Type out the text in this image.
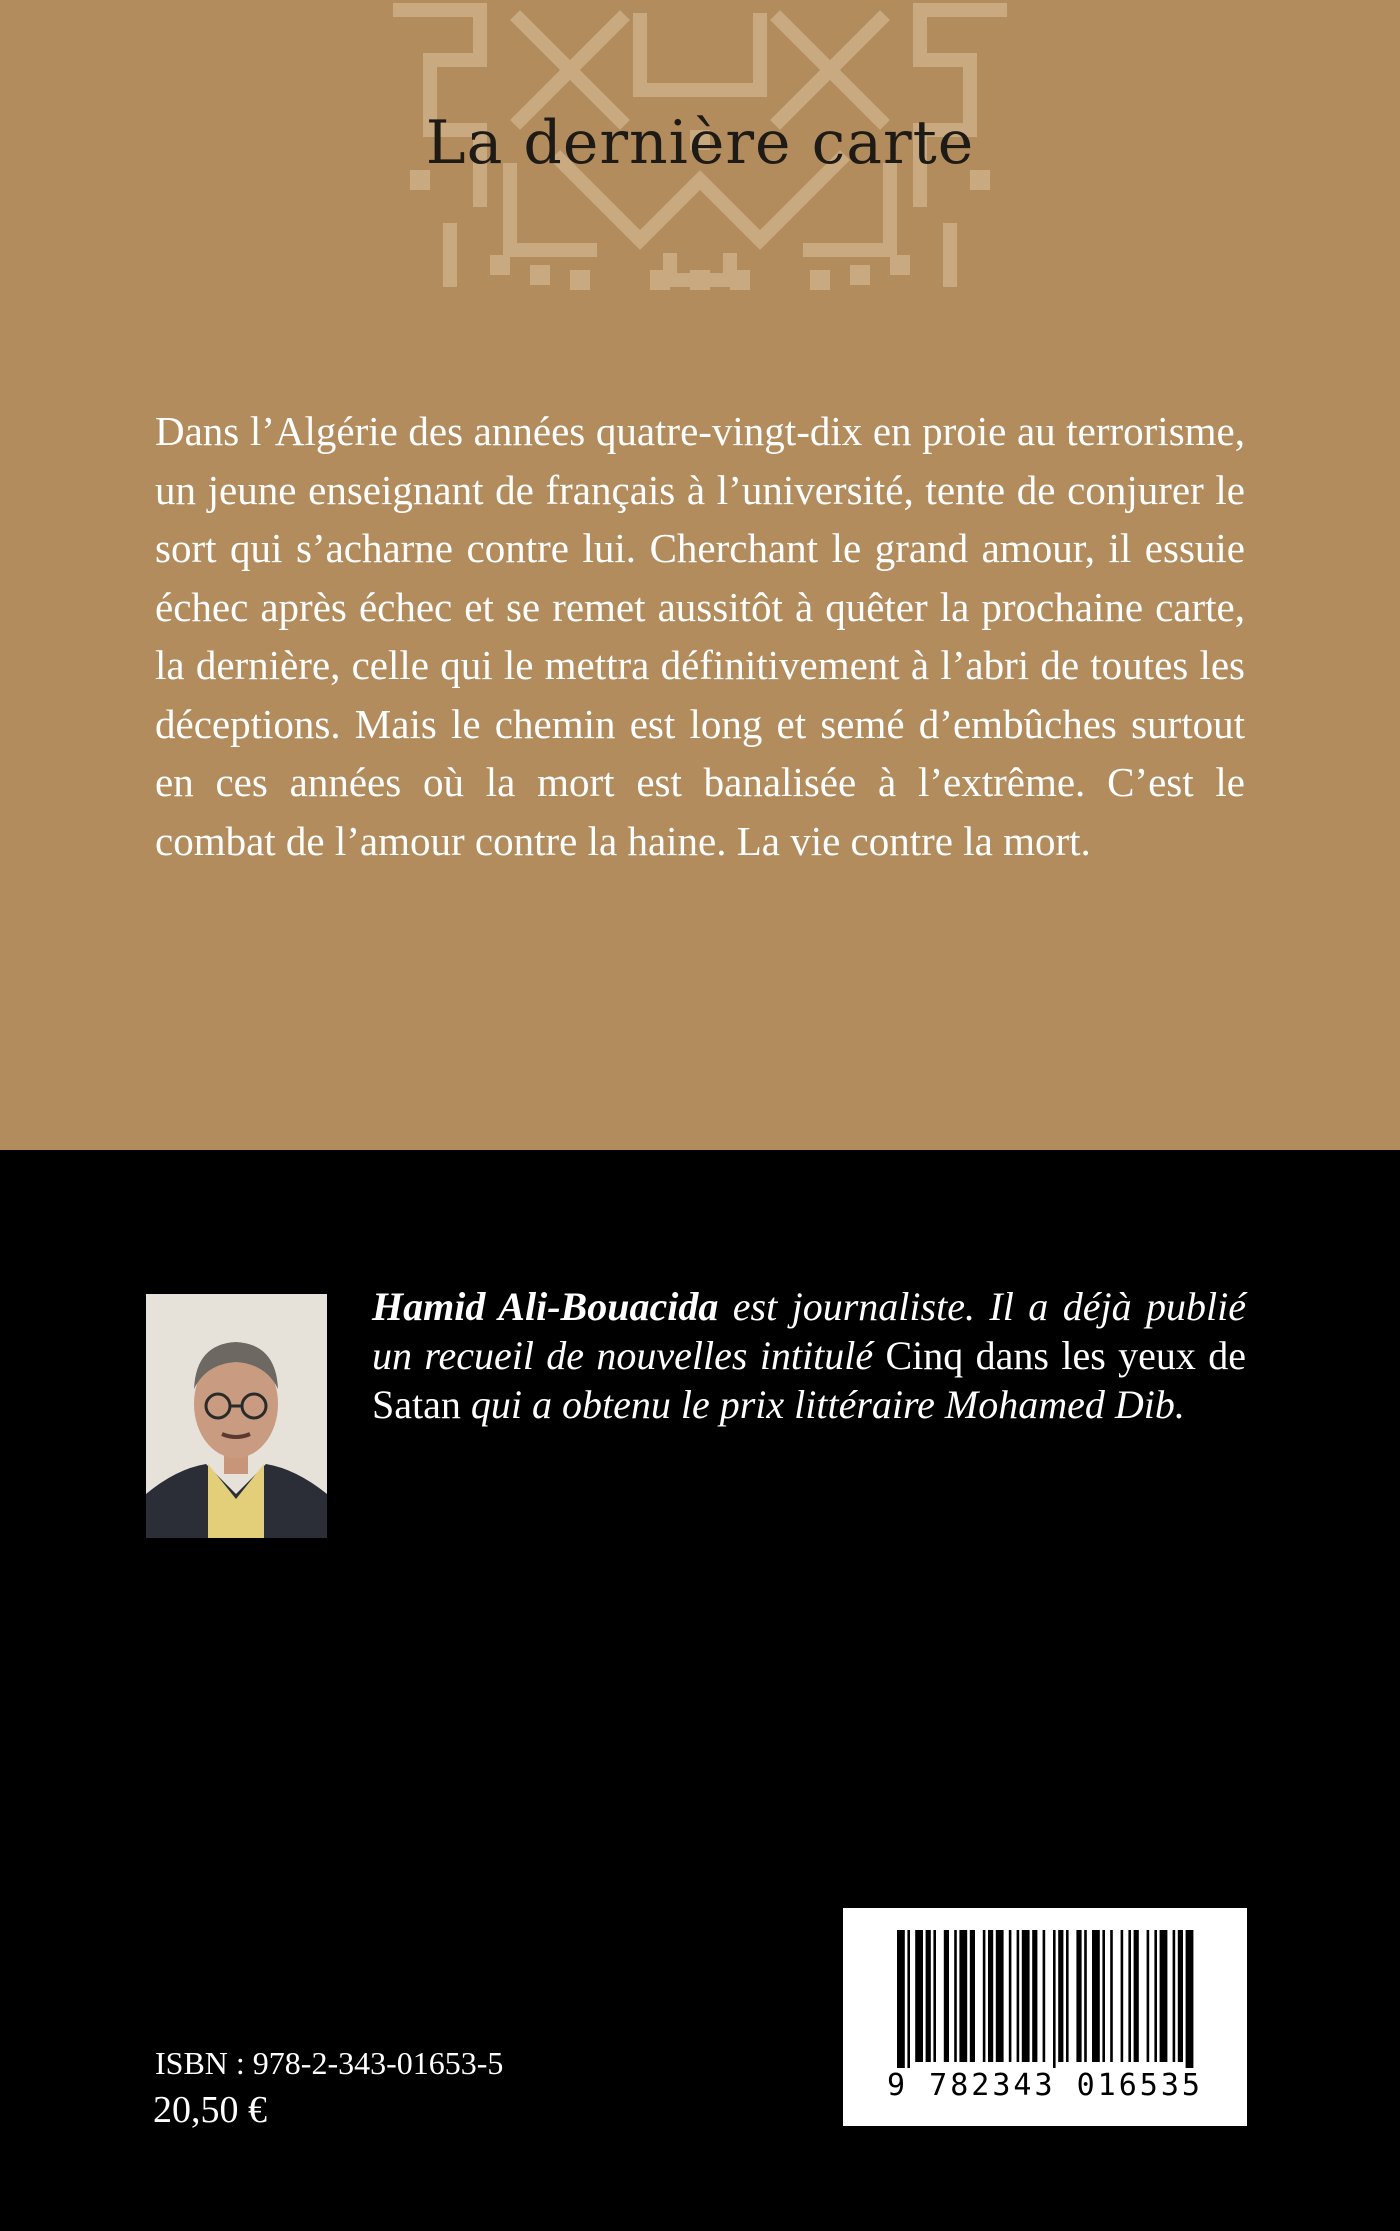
La dernière carte

Dans l’Algérie des années quatre-vingt-dix en proie au terrorisme, un jeune enseignant de français à l’université, tente de conjurer le sort qui s’acharne contre lui. Cherchant le grand amour, il essuie échec après échec et se remet aussitôt à quêter la prochaine carte, la dernière, celle qui le mettra définitivement à l’abri de toutes les déceptions. Mais le chemin est long et semé d’embûches surtout en ces années où la mort est banalisée à l’extrême. C’est le combat de l’amour contre la haine. La vie contre la mort.

Hamid Ali-Bouacida est journaliste. Il a déjà publié un recueil de nouvelles intitulé Cinq dans les yeux de Satan qui a obtenu le prix littéraire Mohamed Dib.

ISBN : 978-2-343-01653-5

20,50 €

9 782343 016535
